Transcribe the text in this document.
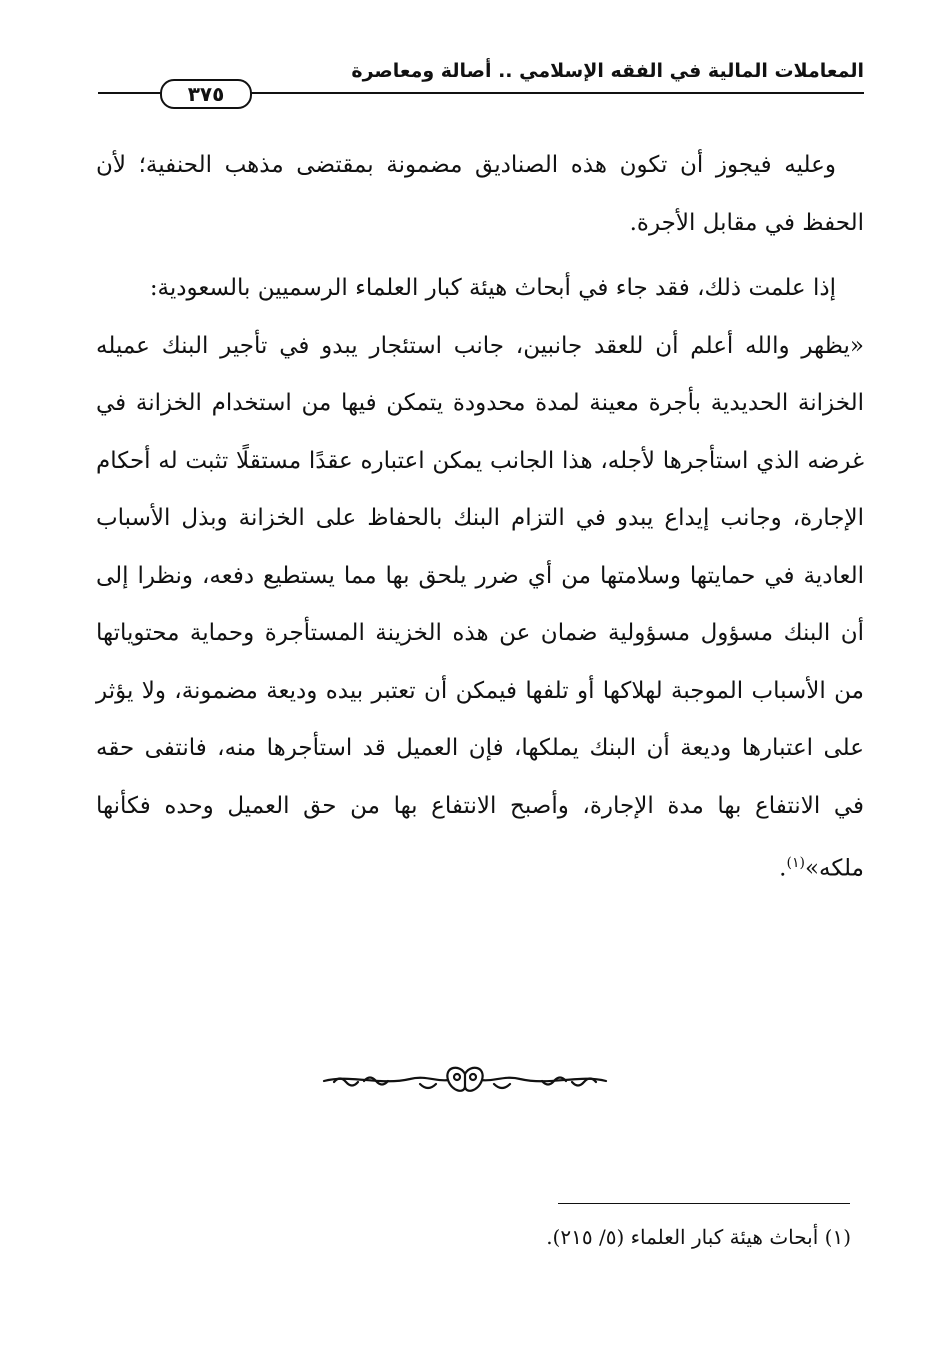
المعاملات المالية في الفقه الإسلامي .. أصالة ومعاصرة
٣٧٥

وعليه فيجوز أن تكون هذه الصناديق مضمونة بمقتضى مذهب الحنفية؛ لأن الحفظ في مقابل الأجرة.

إذا علمت ذلك، فقد جاء في أبحاث هيئة كبار العلماء الرسميين بالسعودية:

«يظهر والله أعلم أن للعقد جانبين، جانب استئجار يبدو في تأجير البنك عميله الخزانة الحديدية بأجرة معينة لمدة محدودة يتمكن فيها من استخدام الخزانة في غرضه الذي استأجرها لأجله، هذا الجانب يمكن اعتباره عقدًا مستقلًا تثبت له أحكام الإجارة، وجانب إيداع يبدو في التزام البنك بالحفاظ على الخزانة وبذل الأسباب العادية في حمايتها وسلامتها من أي ضرر يلحق بها مما يستطيع دفعه، ونظرا إلى أن البنك مسؤول مسؤولية ضمان عن هذه الخزينة المستأجرة وحماية محتوياتها من الأسباب الموجبة لهلاكها أو تلفها فيمكن أن تعتبر بيده وديعة مضمونة، ولا يؤثر على اعتبارها وديعة أن البنك يملكها، فإن العميل قد استأجرها منه، فانتفى حقه في الانتفاع بها مدة الإجارة، وأصبح الانتفاع بها من حق العميل وحده فكأنها ملكه»$^{(١)}$.

(١) أبحاث هيئة كبار العلماء (٥/ ٢١٥).
